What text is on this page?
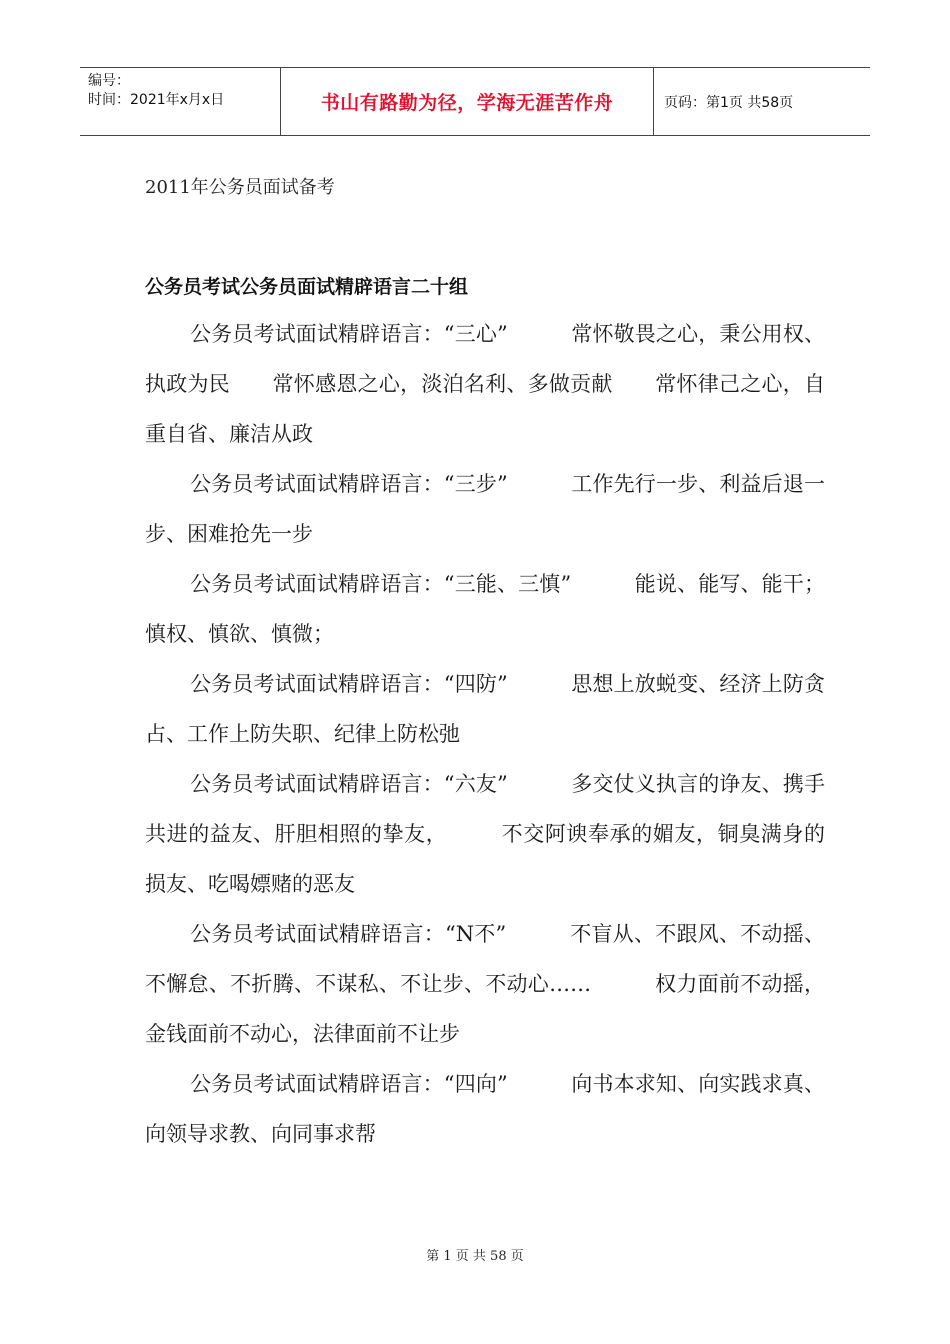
编号：
时间：2021年x月x日	书山有路勤为径，学海无涯苦作舟	页码：第1页 共58页
2011年公务员面试备考
公务员考试公务员面试精辟语言二十组

公务员考试面试精辟语言：“三心”　　　常怀敬畏之心，秉公用权、执政为民　　常怀感恩之心，淡泊名利、多做贡献　　常怀律己之心，自重自省、廉洁从政

公务员考试面试精辟语言：“三步”　　　工作先行一步、利益后退一步、困难抢先一步

公务员考试面试精辟语言：“三能、三慎”　　　能说、能写、能干；慎权、慎欲、慎微；

公务员考试面试精辟语言：“四防”　　　思想上放蜕变、经济上防贪占、工作上防失职、纪律上防松弛

公务员考试面试精辟语言：“六友”　　　多交仗义执言的诤友、携手共进的益友、肝胆相照的挚友，　　　不交阿谀奉承的媚友，铜臭满身的损友、吃喝嫖赌的恶友

公务员考试面试精辟语言：“N不”　　　不盲从、不跟风、不动摇、不懈怠、不折腾、不谋私、不让步、不动心……　　　权力面前不动摇，金钱面前不动心，法律面前不让步

公务员考试面试精辟语言：“四向”　　　向书本求知、向实践求真、向领导求教、向同事求帮

第 1 页 共 58 页
